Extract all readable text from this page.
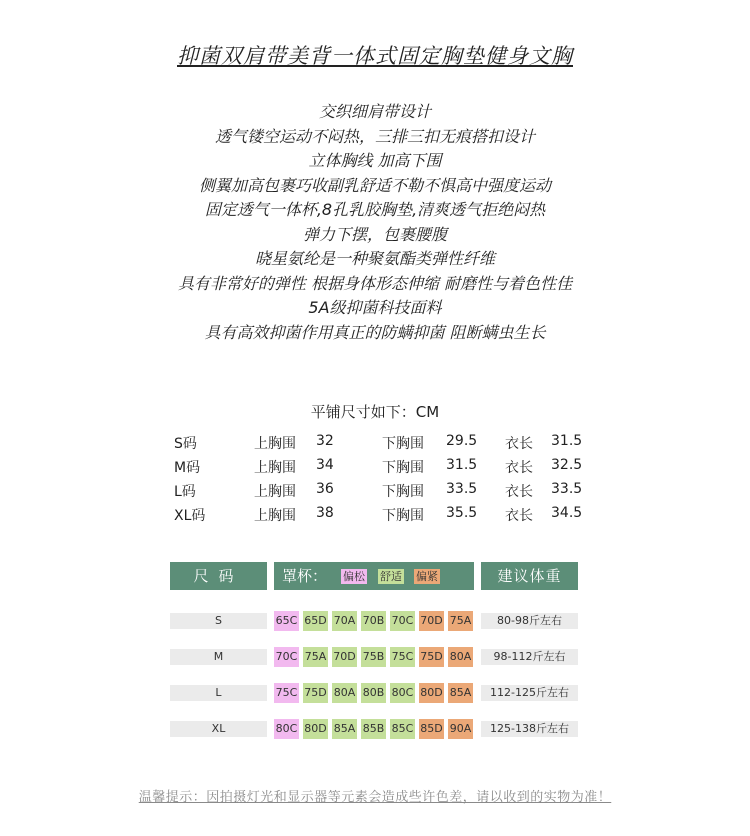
抑菌双肩带美背一体式固定胸垫健身文胸
交织细肩带设计
透气镂空运动不闷热，三排三扣无痕搭扣设计
立体胸线 加高下围
侧翼加高包裹巧收副乳舒适不勒不惧高中强度运动
固定透气一体杯,8孔乳胶胸垫,清爽透气拒绝闷热
弹力下摆，包裹腰腹
晓星氨纶是一种聚氨酯类弹性纤维
具有非常好的弹性 根据身体形态伸缩 耐磨性与着色性佳
5A级抑菌科技面料
具有高效抑菌作用真正的防螨抑菌 阻断螨虫生长
平铺尺寸如下：CM
S码	上胸围 32	下胸围 29.5 衣长 31.5
M码	上胸围 34	下胸围 31.5 衣长 32.5
L码	上胸围 36	下胸围 33.5 衣长 33.5
XL码	上胸围 38	下胸围 35.5 衣长 34.5
尺码	罩杯： 偏松 舒适 偏紧	建议体重
S	65C 65D 70A 70B 70C 70D 75A	80-98斤左右
M	70C 75A 70D 75B 75C 75D 80A	98-112斤左右
L	75C 75D 80A 80B 80C 80D 85A	112-125斤左右
XL	80C 80D 85A 85B 85C 85D 90A	125-138斤左右
温馨提示：因拍摄灯光和显示器等元素会造成些许色差，请以收到的实物为准！
